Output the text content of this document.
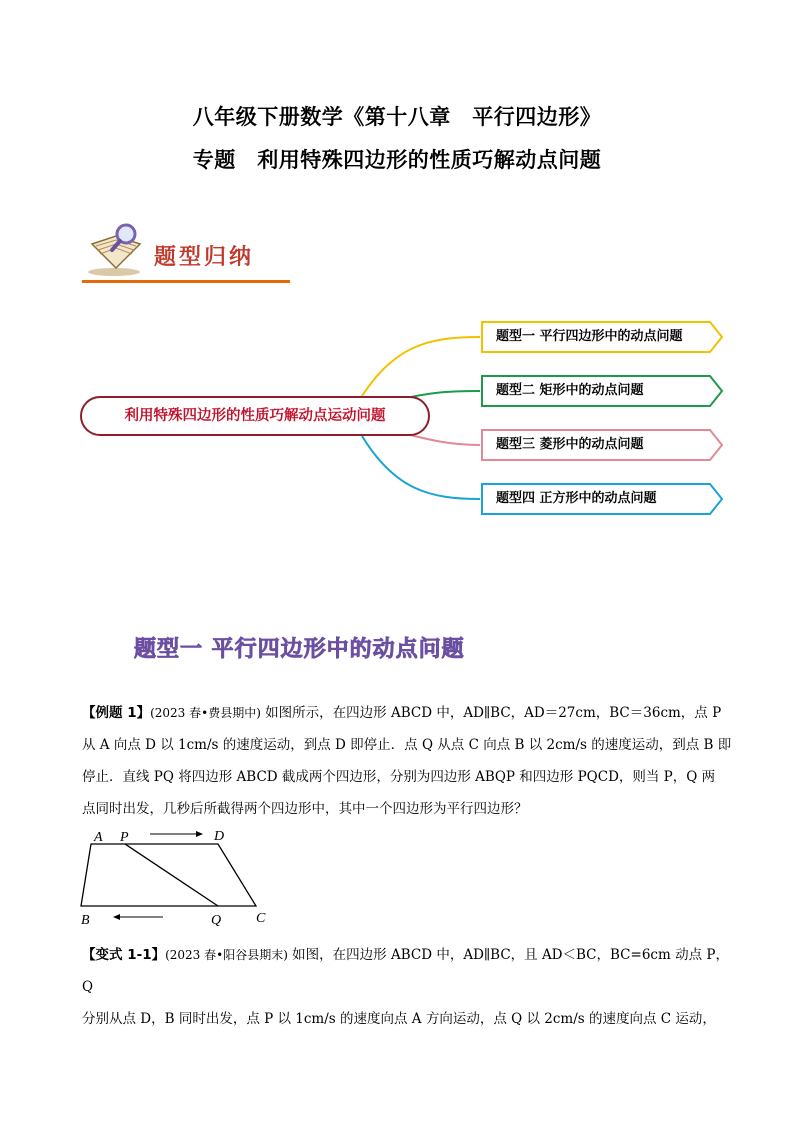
八年级下册数学《第十八章　平行四边形》
专题　利用特殊四边形的性质巧解动点问题
题型归纳
利用特殊四边形的性质巧解动点运动问题
题型一 平行四边形中的动点问题
题型二 矩形中的动点问题
题型三 菱形中的动点问题
题型四 正方形中的动点问题
题型一 平行四边形中的动点问题

【例题 1】(2023 春•费县期中) 如图所示，在四边形 ABCD 中，AD∥BC，AD＝27cm，BC＝36cm，点 P

从 A 向点 D 以 1cm/s 的速度运动，到点 D 即停止．点 Q 从点 C 向点 B 以 2cm/s 的速度运动，到点 B 即

停止．直线 PQ 将四边形 ABCD 截成两个四边形，分别为四边形 ABQP 和四边形 PQCD，则当 P，Q 两

点同时出发，几秒后所截得两个四边形中，其中一个四边形为平行四边形？

A P	D
B	Q C

【变式 1-1】(2023 春•阳谷县期末) 如图，在四边形 ABCD 中，AD∥BC，且 AD＜BC，BC=6cm 动点 P，Q

分别从点 D，B 同时出发，点 P 以 1cm/s 的速度向点 A 方向运动，点 Q 以 2cm/s 的速度向点 C 运动，
